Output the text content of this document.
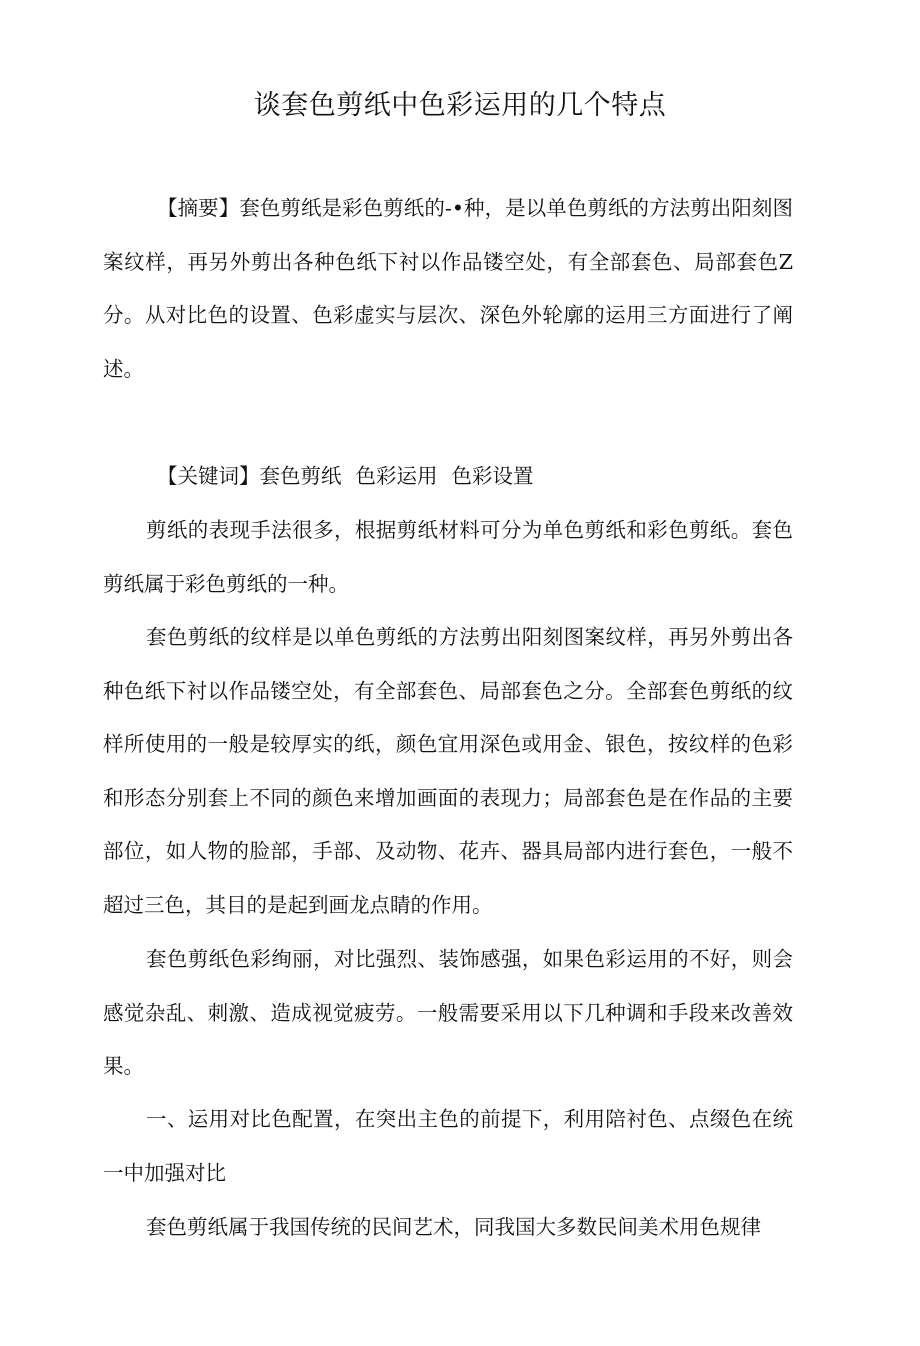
谈套色剪纸中色彩运用的几个特点

【摘要】套色剪纸是彩色剪纸的-•种，是以单色剪纸的方法剪出阳刻图案纹样，再另外剪出各种色纸下衬以作品镂空处，有全部套色、局部套色Z分。从对比色的设置、色彩虚实与层次、深色外轮廓的运用三方面进行了阐述。

【关键词】套色剪纸 色彩运用 色彩设置

剪纸的表现手法很多，根据剪纸材料可分为单色剪纸和彩色剪纸。套色剪纸属于彩色剪纸的一种。

套色剪纸的纹样是以单色剪纸的方法剪出阳刻图案纹样，再另外剪出各种色纸下衬以作品镂空处，有全部套色、局部套色之分。全部套色剪纸的纹样所使用的一般是较厚实的纸，颜色宜用深色或用金、银色，按纹样的色彩和形态分别套上不同的颜色来增加画面的表现力；局部套色是在作品的主要部位，如人物的脸部，手部、及动物、花卉、器具局部内进行套色，一般不超过三色，其目的是起到画龙点睛的作用。

套色剪纸色彩绚丽，对比强烈、装饰感强，如果色彩运用的不好，则会感觉杂乱、刺激、造成视觉疲劳。一般需要采用以下几种调和手段来改善效果。

一、运用对比色配置，在突出主色的前提下，利用陪衬色、点缀色在统一中加强对比

套色剪纸属于我国传统的民间艺术，同我国大多数民间美术用色规律
